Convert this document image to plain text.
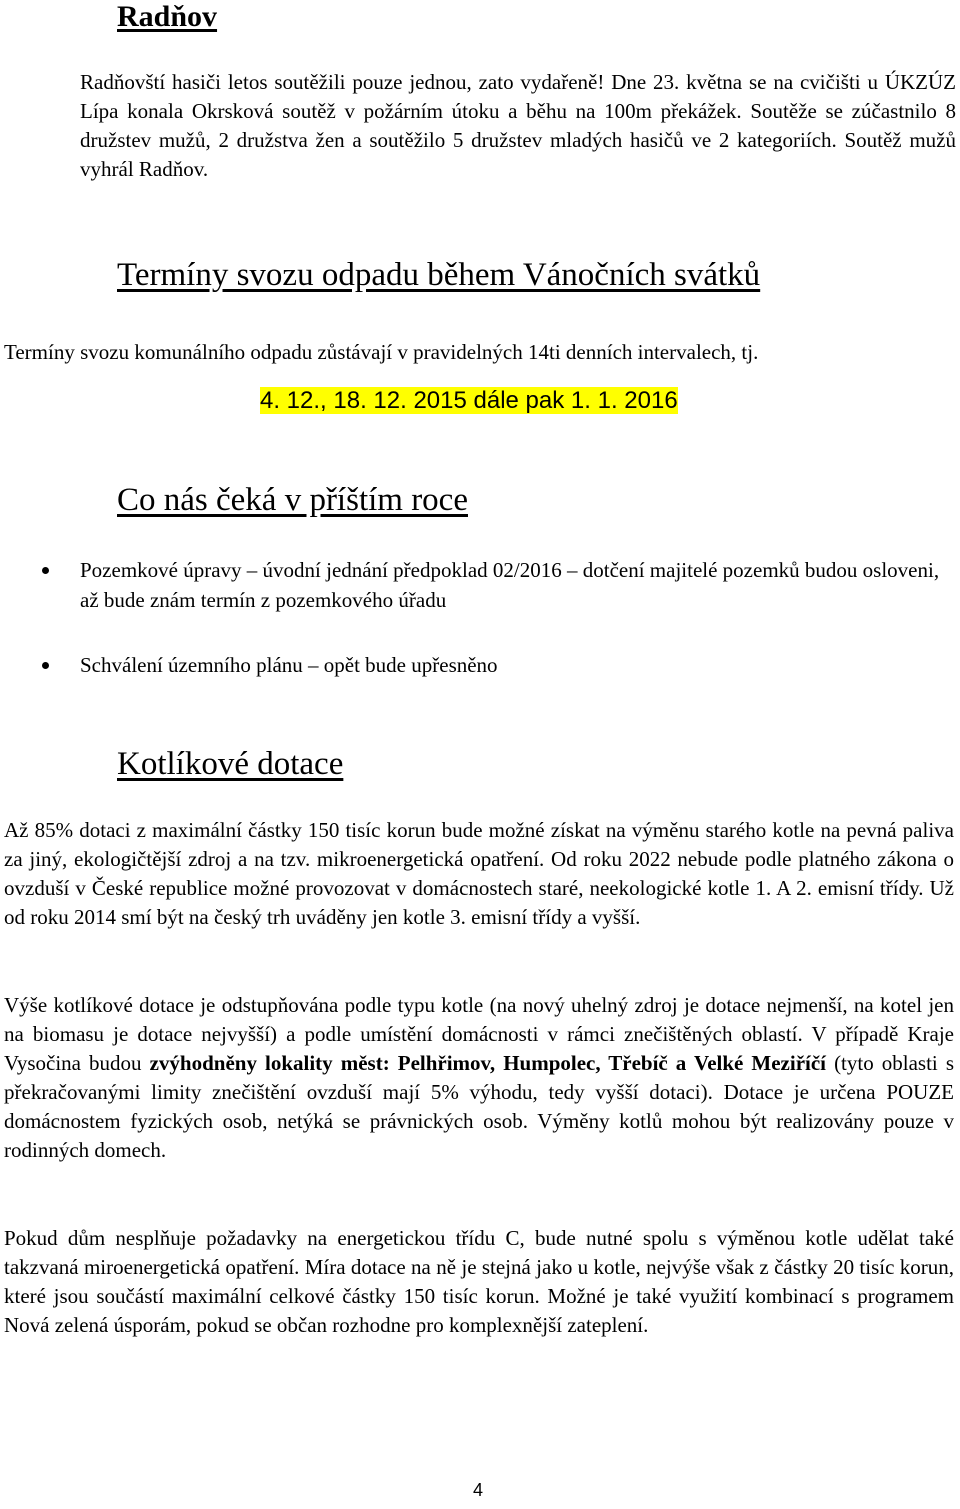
Radňov

Radňovští hasiči letos soutěžili pouze jednou, zato vydařeně! Dne 23. května se na cvičišti u ÚKZÚZ Lípa konala Okrsková soutěž v požárním útoku a běhu na 100m překážek. Soutěže se zúčastnilo 8 družstev mužů, 2 družstva žen a soutěžilo 5 družstev mladých hasičů ve 2 kategoriích. Soutěž mužů vyhrál Radňov.

Termíny svozu odpadu během Vánočních svátků

Termíny svozu komunálního odpadu zůstávají v pravidelných 14ti denních intervalech, tj.

4. 12., 18. 12. 2015 dále pak 1. 1. 2016
Co nás čeká v příštím roce
Pozemkové úpravy – úvodní jednání předpoklad 02/2016 – dotčení majitelé pozemků budou osloveni, až bude znám termín z pozemkového úřadu
Schválení územního plánu – opět bude upřesněno
Kotlíkové dotace

Až 85% dotaci z maximální částky 150 tisíc korun bude možné získat na výměnu starého kotle na pevná paliva za jiný, ekologičtější zdroj a na tzv. mikroenergetická opatření. Od roku 2022 nebude podle platného zákona o ovzduší v České republice možné provozovat v domácnostech staré, neekologické kotle 1. A 2. emisní třídy. Už od roku 2014 smí být na český trh uváděny jen kotle 3. emisní třídy a vyšší.

Výše kotlíkové dotace je odstupňována podle typu kotle (na nový uhelný zdroj je dotace nejmenší, na kotel jen na biomasu je dotace nejvyšší) a podle umístění domácnosti v rámci znečištěných oblastí. V případě Kraje Vysočina budou zvýhodněny lokality měst: Pelhřimov, Humpolec, Třebíč a Velké Meziříčí (tyto oblasti s překračovanými limity znečištění ovzduší mají 5% výhodu, tedy vyšší dotaci). Dotace je určena POUZE domácnostem fyzických osob, netýká se právnických osob. Výměny kotlů mohou být realizovány pouze v rodinných domech.

Pokud dům nesplňuje požadavky na energetickou třídu C, bude nutné spolu s výměnou kotle udělat také takzvaná miroenergetická opatření. Míra dotace na ně je stejná jako u kotle, nejvýše však z částky 20 tisíc korun, které jsou součástí maximální celkové částky 150 tisíc korun. Možné je také využití kombinací s programem Nová zelená úsporám, pokud se občan rozhodne pro komplexnější zateplení.

4
